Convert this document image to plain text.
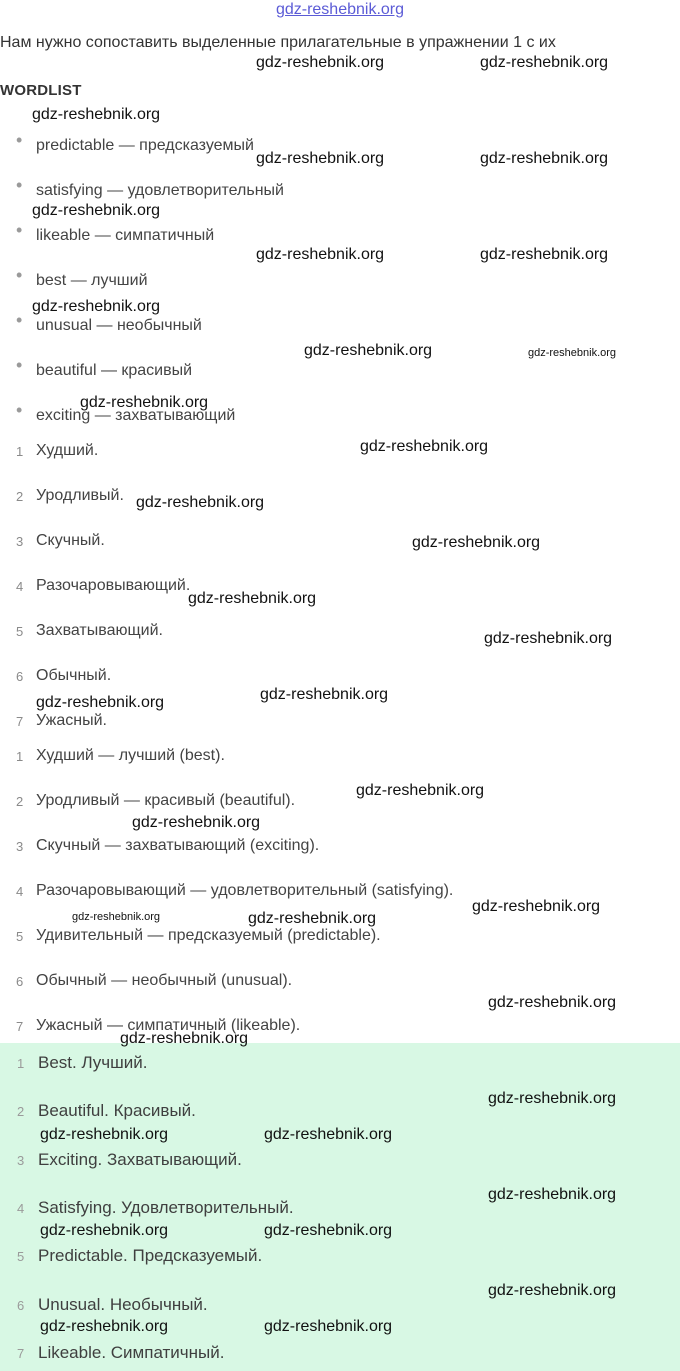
gdz-reshebnik.org
Нам нужно сопоставить выделенные прилагательные в упражнении 1 с их
WORDLIST
• predictable — предсказуемый
• satisfying — удовлетворительный
• likeable — симпатичный
• best — лучший
• unusual — необычный
• beautiful — красивый
• exciting — захватывающий
1 Худший.
2 Уродливый.
3 Скучный.
4 Разочаровывающий.
5 Захватывающий.
6 Обычный.
7 Ужасный.
1 Худший — лучший (best).
2 Уродливый — красивый (beautiful).
3 Скучный — захватывающий (exciting).
4 Разочаровывающий — удовлетворительный (satisfying).
5 Удивительный — предсказуемый (predictable).
6 Обычный — необычный (unusual).
7 Ужасный — симпатичный (likeable).
1 Best. Лучший.
2 Beautiful. Красивый.
3 Exciting. Захватывающий.
4 Satisfying. Удовлетворительный.
5 Predictable. Предсказуемый.
6 Unusual. Необычный.
7 Likeable. Симпатичный.
gdz-reshebnik.org	gdz-reshebnik.org
gdz-reshebnik.org
gdz-reshebnik.org	gdz-reshebnik.org
gdz-reshebnik.org
gdz-reshebnik.org	gdz-reshebnik.org
gdz-reshebnik.org
gdz-reshebnik.org	gdz-reshebnik.org
gdz-reshebnik.org
gdz-reshebnik.org
gdz-reshebnik.org
gdz-reshebnik.org
gdz-reshebnik.org
gdz-reshebnik.org
gdz-reshebnik.org
gdz-reshebnik.org
gdz-reshebnik.org
gdz-reshebnik.org
gdz-reshebnik.org
gdz-reshebnik.org	gdz-reshebnik.org
gdz-reshebnik.org
gdz-reshebnik.org
gdz-reshebnik.org
gdz-reshebnik.org	gdz-reshebnik.org
gdz-reshebnik.org
gdz-reshebnik.org	gdz-reshebnik.org
gdz-reshebnik.org
gdz-reshebnik.org	gdz-reshebnik.org
